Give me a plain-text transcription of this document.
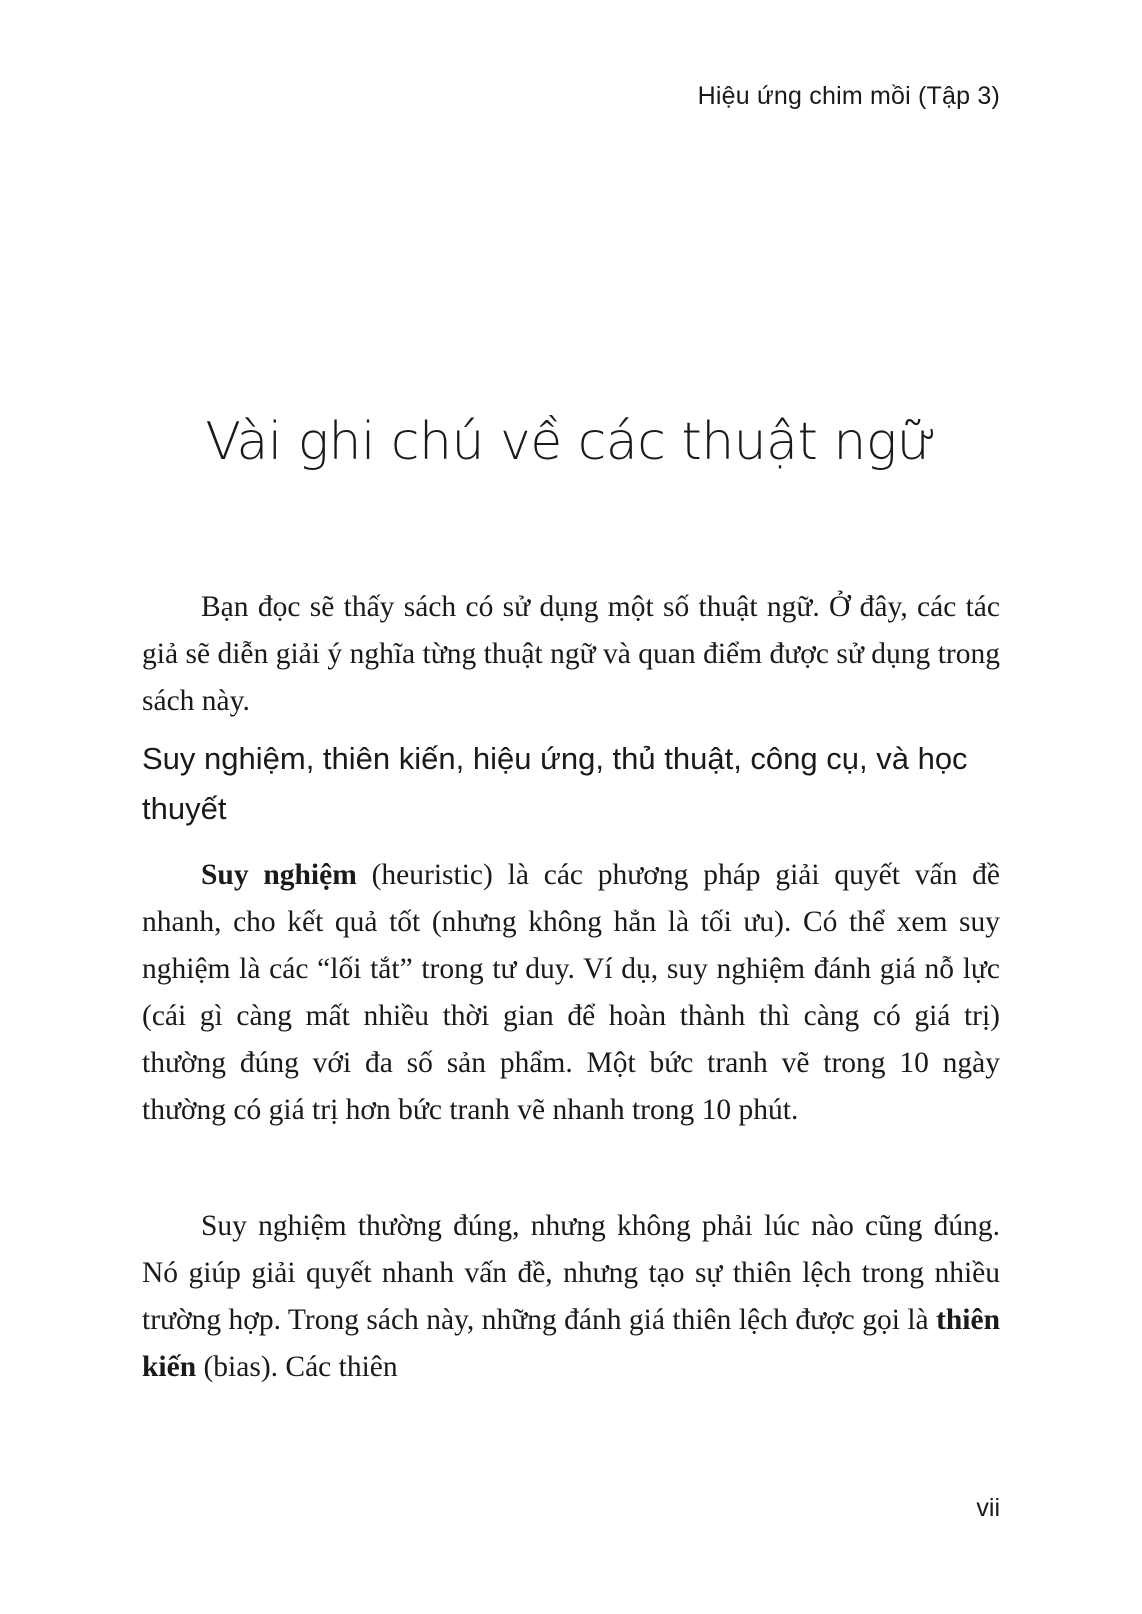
Hiệu ứng chim mồi (Tập 3)
Vài ghi chú về các thuật ngữ

Bạn đọc sẽ thấy sách có sử dụng một số thuật ngữ. Ở đây, các tác giả sẽ diễn giải ý nghĩa từng thuật ngữ và quan điểm được sử dụng trong sách này.

Suy nghiệm, thiên kiến, hiệu ứng, thủ thuật, công cụ, và học thuyết

Suy nghiệm (heuristic) là các phương pháp giải quyết vấn đề nhanh, cho kết quả tốt (nhưng không hẳn là tối ưu). Có thể xem suy nghiệm là các “lối tắt” trong tư duy. Ví dụ, suy nghiệm đánh giá nỗ lực (cái gì càng mất nhiều thời gian để hoàn thành thì càng có giá trị) thường đúng với đa số sản phẩm. Một bức tranh vẽ trong 10 ngày thường có giá trị hơn bức tranh vẽ nhanh trong 10 phút.

Suy nghiệm thường đúng, nhưng không phải lúc nào cũng đúng. Nó giúp giải quyết nhanh vấn đề, nhưng tạo sự thiên lệch trong nhiều trường hợp. Trong sách này, những đánh giá thiên lệch được gọi là thiên kiến (bias). Các thiên

vii
